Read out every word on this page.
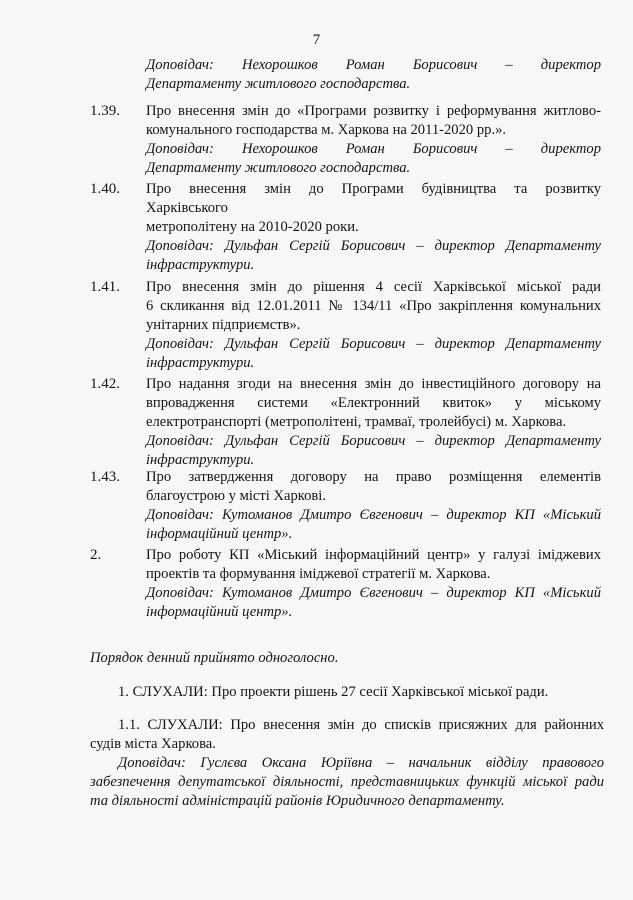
7
Доповідач: Нехорошков Роман Борисович – директор
Департаменту житлового господарства.
1.39. Про внесення змін до «Програми розвитку і реформування житлово-
комунального господарства м. Харкова на 2011-2020 рр.».
Доповідач: Нехорошков Роман Борисович – директор
Департаменту житлового господарства.
1.40. Про внесення змін до Програми будівництва та розвитку
Харківського
метрополітену на 2010-2020 роки.
Доповідач: Дульфан Сергій Борисович – директор Департаменту
інфраструктури.
1.41. Про внесення змін до рішення 4 сесії Харківської міської ради
6 скликання від 12.01.2011 № 134/11 «Про закріплення комунальних
унітарних підприємств».
Доповідач: Дульфан Сергій Борисович – директор Департаменту
інфраструктури.
1.42. Про надання згоди на внесення змін до інвестиційного договору на
впровадження системи «Електронний квиток» у міському
електротранспорті (метрополітені, трамваї, тролейбусі) м. Харкова.
Доповідач: Дульфан Сергій Борисович – директор Департаменту
інфраструктури.
1.43. Про затвердження договору на право розміщення елементів
благоустрою у місті Харкові.
Доповідач: Кутоманов Дмитро Євгенович – директор КП «Міський
інформаційний центр».
2.	Про роботу КП «Міський інформаційний центр» у галузі іміджевих
проектів та формування іміджевої стратегії м. Харкова.
Доповідач: Кутоманов Дмитро Євгенович – директор КП «Міський
інформаційний центр».
Порядок денний прийнято одноголосно.
1. СЛУХАЛИ: Про проекти рішень 27 сесії Харківської міської ради.
1.1. СЛУХАЛИ: Про внесення змін до списків присяжних для районних
судів міста Харкова.
Доповідач: Гуслєва Оксана Юріївна – начальник відділу правового
забезпечення депутатської діяльності, представницьких функцій міської ради
та діяльності адміністрацій районів Юридичного департаменту.
